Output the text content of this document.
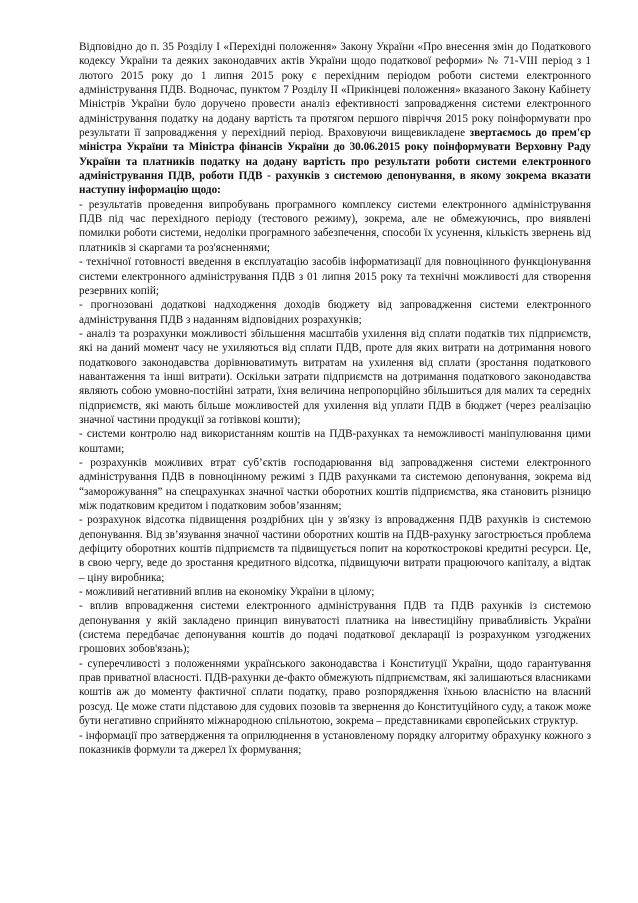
Відповідно до п. 35 Розділу І «Перехідні положення» Закону України «Про внесення змін до Податкового кодексу України та деяких законодавчих актів України щодо податкової реформи» № 71-VIII період з 1 лютого 2015 року до 1 липня 2015 року є перехідним періодом роботи системи електронного адміністрування ПДВ. Водночас, пунктом 7 Розділу ІІ «Прикінцеві положення» вказаного Закону Кабінету Міністрів України було доручено провести аналіз ефективності запровадження системи електронного адміністрування податку на додану вартість та протягом першого півріччя 2015 року поінформувати про результати її запровадження у перехідний період. Враховуючи вищевикладене звертаємось до прем'єр міністра України та Міністра фінансів України до 30.06.2015 року поінформувати Верховну Раду України та платників податку на додану вартість про результати роботи системи електронного адміністрування ПДВ, роботи ПДВ - рахунків з системою депонування, в якому зокрема вказати наступну інформацію щодо:

- результатів проведення випробувань програмного комплексу системи електронного адміністрування ПДВ під час перехідного періоду (тестового режиму), зокрема, але не обмежуючись, про виявлені помилки роботи системи, недоліки програмного забезпечення, способи їх усунення, кількість звернень від платників зі скаргами та роз'ясненнями;

- технічної готовності введення в експлуатацію засобів інформатизації для повноцінного функціонування системи електронного адміністрування ПДВ з 01 липня 2015 року та технічні можливості для створення резервних копій;

- прогнозовані додаткові надходження доходів бюджету від запровадження системи електронного адміністрування ПДВ з наданням відповідних розрахунків;

- аналіз та розрахунки можливості збільшення масштабів ухилення від сплати податків тих підприємств, які на даний момент часу не ухиляються від сплати ПДВ, проте для яких витрати на дотримання нового податкового законодавства дорівнюватимуть витратам на ухилення від сплати (зростання податкового навантаження та інші витрати). Оскільки затрати підприємств на дотримання податкового законодавства являють собою умовно-постійні затрати, їхня величина непропорційно збільшиться для малих та середніх підприємств, які мають більше можливостей для ухилення від уплати ПДВ в бюджет (через реалізацію значної частини продукції за готівкові кошти);

- системи контролю над використанням коштів на ПДВ-рахунках та неможливості маніпулювання цими коштами;

- розрахунків можливих втрат суб’єктів господарювання від запровадження системи електронного адміністрування ПДВ в повноцінному режимі з ПДВ рахунками та системою депонування, зокрема від “заморожування” на спецрахунках значної частки оборотних коштів підприємства, яка становить різницю між податковим кредитом і податковим зобов’язанням;

- розрахунок відсотка підвищення роздрібних цін у зв'язку із впровадження ПДВ рахунків із системою депонування. Від зв’язування значної частини оборотних коштів на ПДВ-рахунку загострюється проблема дефіциту оборотних коштів підприємств та підвищується попит на короткострокові кредитні ресурси. Це, в свою чергу, веде до зростання кредитного відсотка, підвищуючи витрати працюючого капіталу, а відтак – ціну виробника;

- можливий негативний вплив на економіку України в цілому;

- вплив впровадження системи електронного адміністрування ПДВ та ПДВ рахунків із системою депонування у якій закладено принцип винуватості платника на інвестиційну привабливість України (система передбачає депонування коштів до подачі податкової декларації із розрахунком узгоджених грошових зобов'язань);

- суперечливості з положеннями українського законодавства і Конституції України, щодо гарантування прав приватної власності. ПДВ-рахунки де-факто обмежують підприємствам, які залишаються власниками коштів аж до моменту фактичної сплати податку, право розпорядження їхньою власністю на власний розсуд. Це може стати підставою для судових позовів та звернення до Конституційного суду, а також може бути негативно сприйнято міжнародною спільнотою, зокрема – представниками європейських структур.

- інформації про затвердження та оприлюднення в установленому порядку алгоритму обрахунку кожного з показників формули та джерел їх формування;
